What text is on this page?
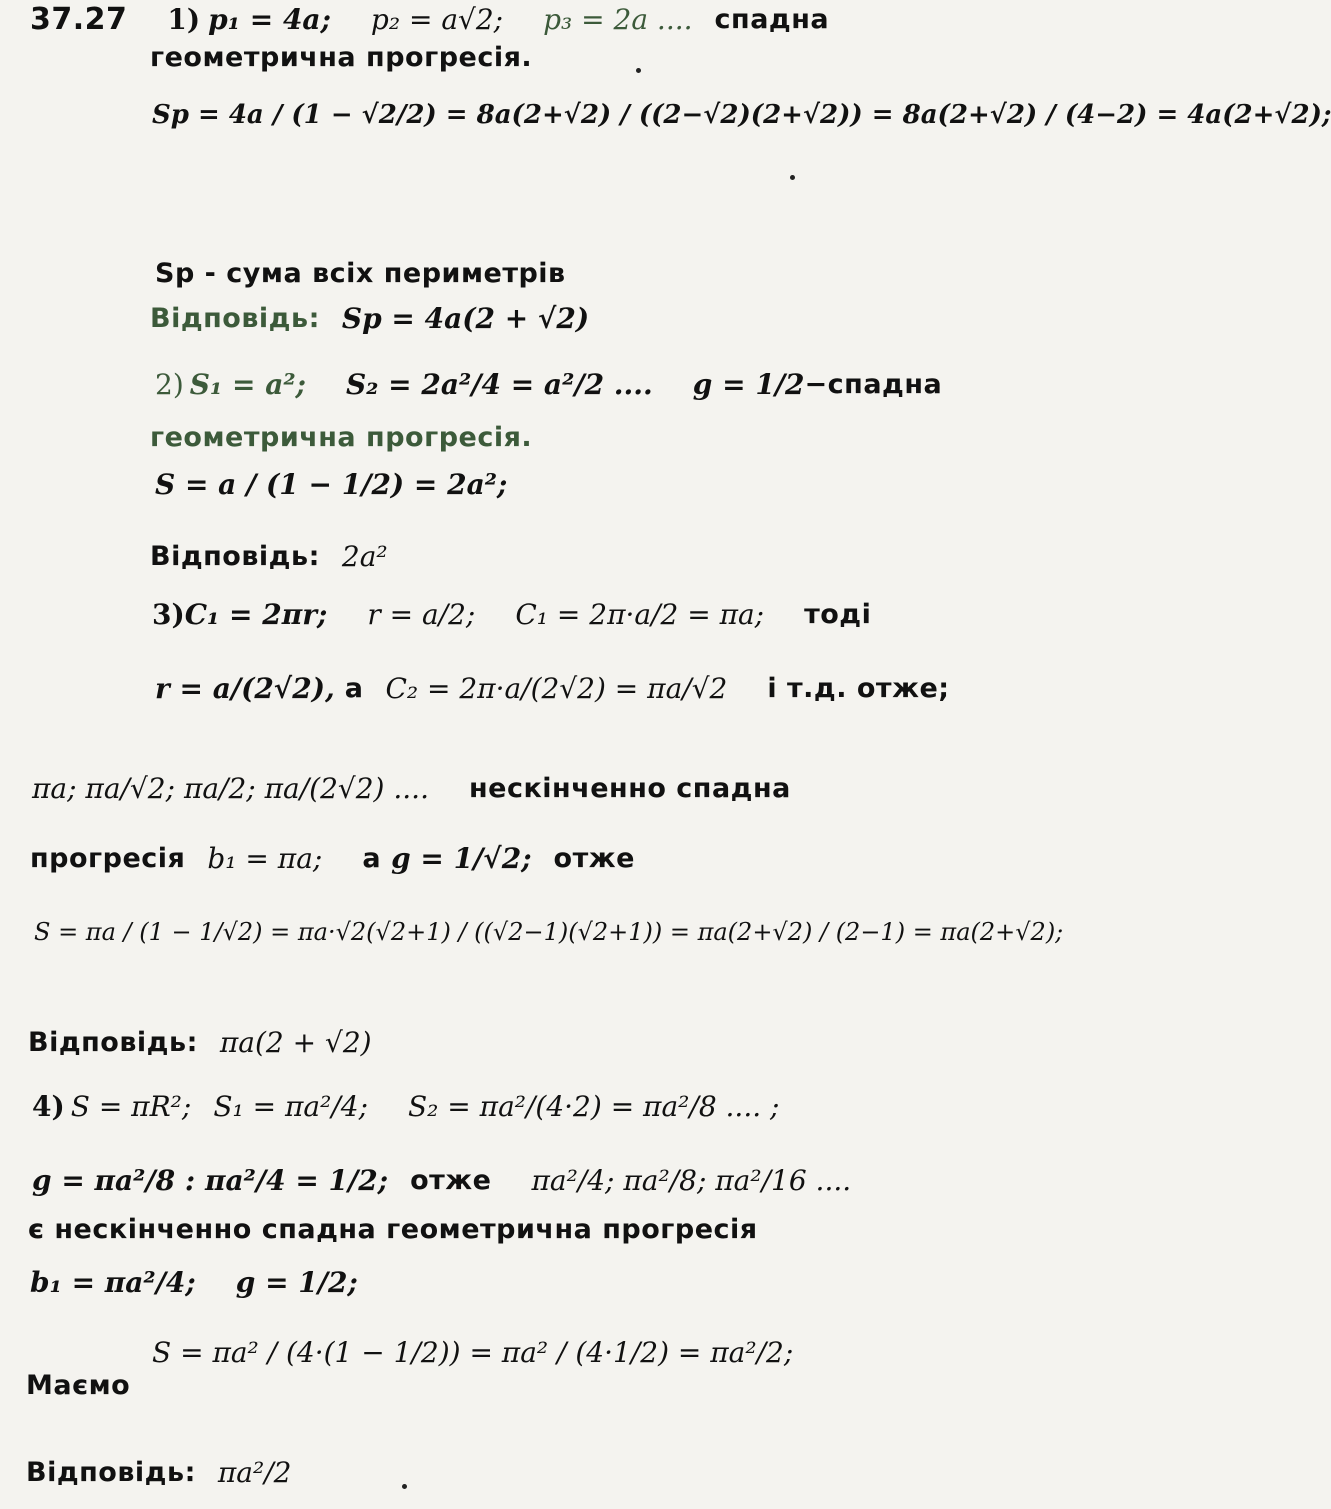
37.27 1) p₁ = 4a; p₂ = a√2; p₃ = 2a .... спадна
геометрична прогресія.
Sp = 4a / (1 − √2/2) = 8a(2+√2) / ((2−√2)(2+√2)) = 8a(2+√2) / (4−2) = 4a(2+√2);
Sp - сума всіх периметрів
Відповідь: Sp = 4a(2 + √2)
2) S₁ = a²; S₂ = 2a²/4 = a²/2 .... g = 1/2 −спадна
геометрична прогресія.
S = a / (1 − 1/2) = 2a²;
Відповідь: 2a²
3) C₁ = 2πr; r = a/2; C₁ = 2π·a/2 = πa; тоді
r = a/(2√2), а C₂ = 2π·a/(2√2) = πa/√2 і т.д. отже;
πa; πa/√2; πa/2; πa/(2√2) .... нескінченно спадна
прогресія b₁ = πa; а g = 1/√2; отже
S = πa / (1 − 1/√2) = πa·√2(√2+1) / ((√2−1)(√2+1)) = πa(2+√2) / (2−1) = πa(2+√2);
Відповідь: πa(2 + √2)
4) S = πR²; S₁ = πa²/4; S₂ = πa²/(4·2) = πa²/8 .... ;
g = πa²/8 : πa²/4 = 1/2; отже πa²/4; πa²/8; πa²/16 ....
є нескінченно спадна геометрична прогресія
b₁ = πa²/4; g = 1/2;
Маємо
S = πa² / (4·(1 − 1/2)) = πa² / (4·1/2) = πa²/2;
Відповідь: πa²/2
